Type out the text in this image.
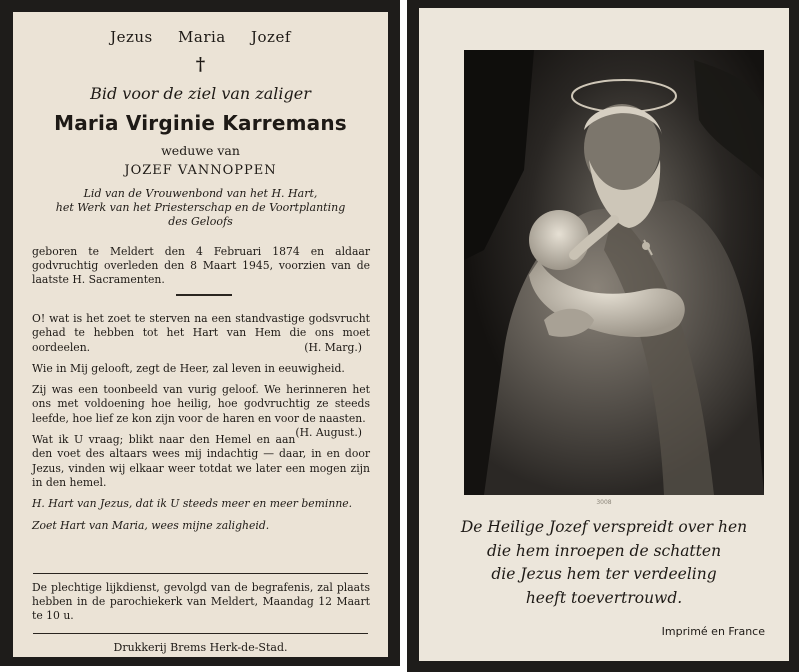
Jezus Maria Jozef
†
Bid voor de ziel van zaliger
Maria Virginie Karremans
weduwe van
JOZEF VANNOPPEN
Lid van de Vrouwenbond van het H. Hart,
het Werk van het Priesterschap en de Voortplanting
des Geloofs
geboren te Meldert den 4 Februari 1874 en aldaar godvruchtig overleden den 8 Maart 1945, voorzien van de laatste H. Sacramenten.

O! wat is het zoet te sterven na een standvastige godsvrucht gehad te hebben tot het Hart van Hem die ons moet oordeelen.	(H. Marg.)

Wie in Mij gelooft, zegt de Heer, zal leven in eeuwigheid.

Zij was een toonbeeld van vurig geloof. We herinneren het ons met voldoening hoe heilig, hoe godvruchtig ze steeds leefde, hoe lief ze kon zijn voor de haren en voor de naasten.
(H. August.)

Wat ik U vraag; blikt naar den Hemel en aan den voet des altaars wees mij indachtig — daar, in en door Jezus, vinden wij elkaar weer totdat we later een mogen zijn in den hemel.

H. Hart van Jezus, dat ik U steeds meer en meer beminne.

Zoet Hart van Maria, wees mijne zaligheid.

De plechtige lijkdienst, gevolgd van de begrafenis, zal plaats hebben in de parochiekerk van Meldert, Maandag 12 Maart te 10 u.
Drukkerij Brems Herk-de-Stad.
3008
De Heilige Jozef verspreidt over hen
die hem inroepen de schatten
die Jezus hem ter verdeeling
heeft toevertrouwd.
Imprimé en France
